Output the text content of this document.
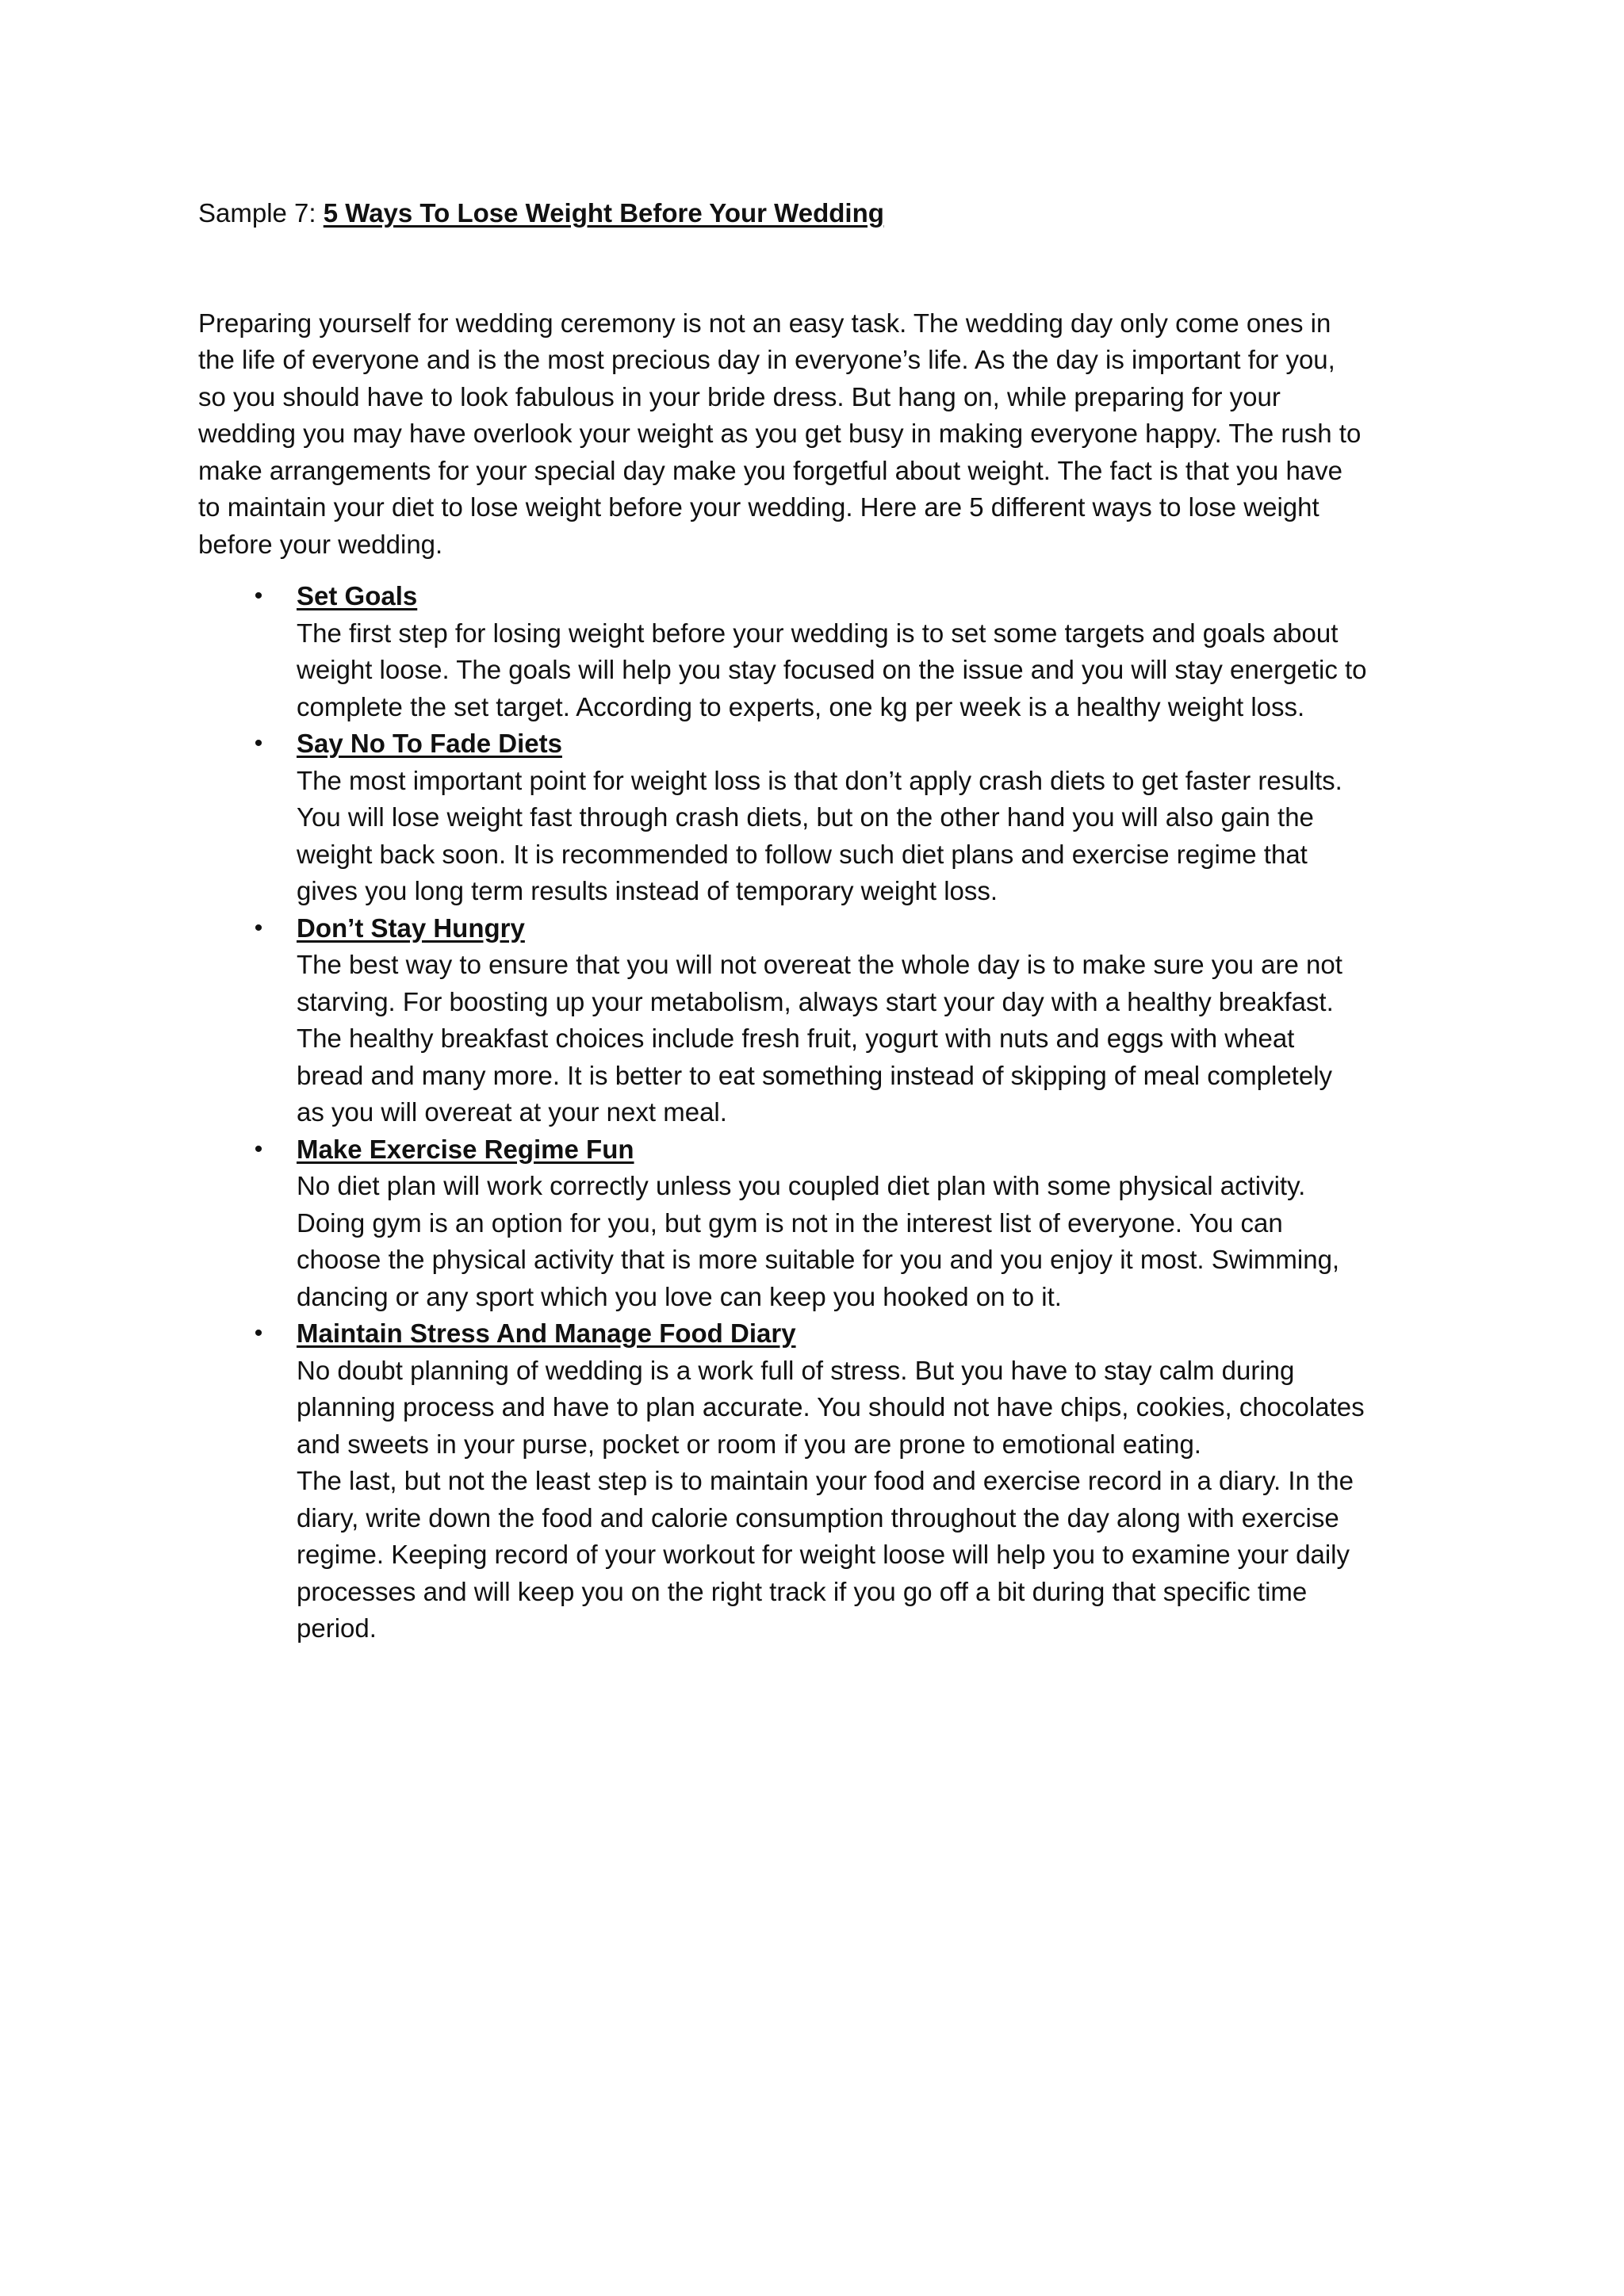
Sample 7: 5 Ways To Lose Weight Before Your Wedding

Preparing yourself for wedding ceremony is not an easy task. The wedding day only come ones in
the life of everyone and is the most precious day in everyone’s life. As the day is important for you,
so you should have to look fabulous in your bride dress. But hang on, while preparing for your
wedding you may have overlook your weight as you get busy in making everyone happy. The rush to
make arrangements for your special day make you forgetful about weight. The fact is that you have
to maintain your diet to lose weight before your wedding. Here are 5 different ways to lose weight
before your wedding.

• Set Goals
The first step for losing weight before your wedding is to set some targets and goals about
weight loose. The goals will help you stay focused on the issue and you will stay energetic to
complete the set target. According to experts, one kg per week is a healthy weight loss.
• Say No To Fade Diets
The most important point for weight loss is that don’t apply crash diets to get faster results.
You will lose weight fast through crash diets, but on the other hand you will also gain the
weight back soon. It is recommended to follow such diet plans and exercise regime that
gives you long term results instead of temporary weight loss.
• Don’t Stay Hungry
The best way to ensure that you will not overeat the whole day is to make sure you are not
starving. For boosting up your metabolism, always start your day with a healthy breakfast.
The healthy breakfast choices include fresh fruit, yogurt with nuts and eggs with wheat
bread and many more. It is better to eat something instead of skipping of meal completely
as you will overeat at your next meal.
• Make Exercise Regime Fun
No diet plan will work correctly unless you coupled diet plan with some physical activity.
Doing gym is an option for you, but gym is not in the interest list of everyone. You can
choose the physical activity that is more suitable for you and you enjoy it most. Swimming,
dancing or any sport which you love can keep you hooked on to it.
• Maintain Stress And Manage Food Diary
No doubt planning of wedding is a work full of stress. But you have to stay calm during
planning process and have to plan accurate. You should not have chips, cookies, chocolates
and sweets in your purse, pocket or room if you are prone to emotional eating.
The last, but not the least step is to maintain your food and exercise record in a diary. In the
diary, write down the food and calorie consumption throughout the day along with exercise
regime. Keeping record of your workout for weight loose will help you to examine your daily
processes and will keep you on the right track if you go off a bit during that specific time
period.
